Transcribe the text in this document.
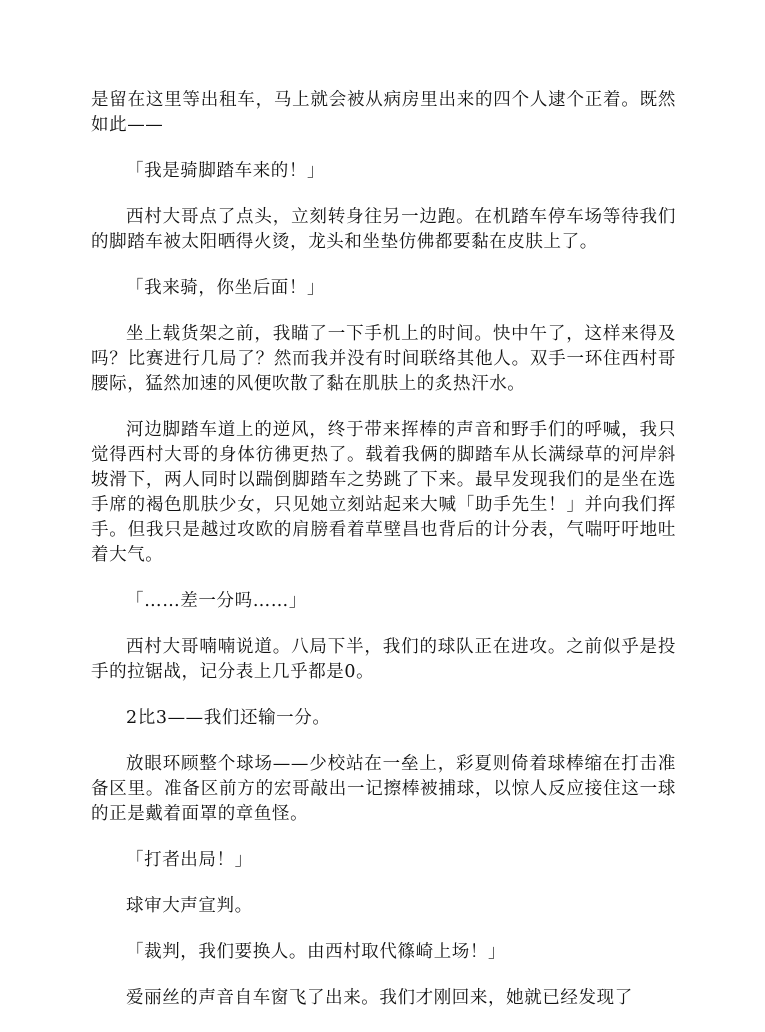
是留在这里等出租车，马上就会被从病房里出来的四个人逮个正着。既然如此——

「我是骑脚踏车来的！」

西村大哥点了点头，立刻转身往另一边跑。在机踏车停车场等待我们的脚踏车被太阳晒得火烫，龙头和坐垫仿佛都要黏在皮肤上了。

「我来骑，你坐后面！」

坐上载货架之前，我瞄了一下手机上的时间。快中午了，这样来得及吗？比赛进行几局了？然而我并没有时间联络其他人。双手一环住西村哥腰际，猛然加速的风便吹散了黏在肌肤上的炙热汗水。

河边脚踏车道上的逆风，终于带来挥棒的声音和野手们的呼喊，我只觉得西村大哥的身体彷彿更热了。载着我俩的脚踏车从长满绿草的河岸斜坡滑下，两人同时以踹倒脚踏车之势跳了下来。最早发现我们的是坐在选手席的褐色肌肤少女，只见她立刻站起来大喊「助手先生！」并向我们挥手。但我只是越过攻欧的肩膀看着草壁昌也背后的计分表，气喘吁吁地吐着大气。

「……差一分吗……」

西村大哥喃喃说道。八局下半，我们的球队正在进攻。之前似乎是投手的拉锯战，记分表上几乎都是0。

2比3——我们还输一分。

放眼环顾整个球场——少校站在一垒上，彩夏则倚着球棒缩在打击准备区里。准备区前方的宏哥敲出一记擦棒被捕球，以惊人反应接住这一球的正是戴着面罩的章鱼怪。

「打者出局！」

球审大声宣判。

「裁判，我们要换人。由西村取代篠崎上场！」

爱丽丝的声音自车窗飞了出来。我们才刚回来，她就已经发现了
